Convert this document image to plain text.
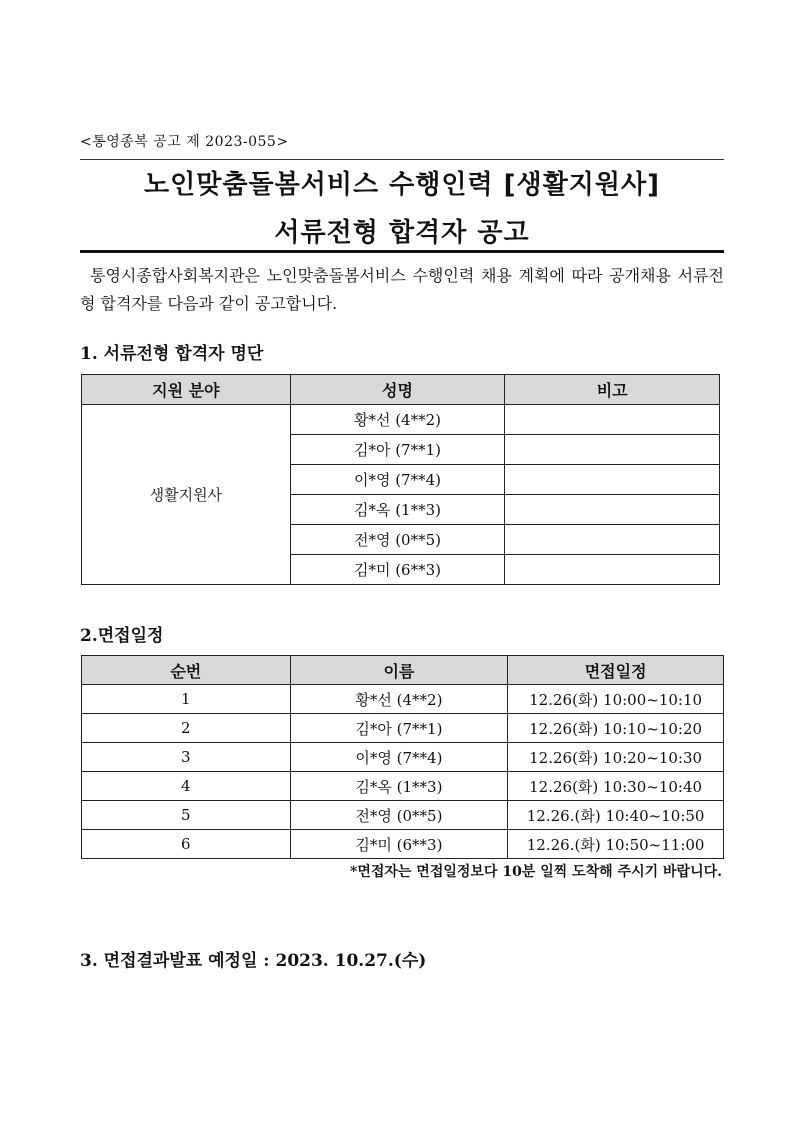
<통영종복 공고 제 2023-055>
노인맞춤돌봄서비스 수행인력 [생활지원사]
서류전형 합격자 공고
통영시종합사회복지관은 노인맞춤돌봄서비스 수행인력 채용 계획에 따라 공개채용 서류전형 합격자를 다음과 같이 공고합니다.
1. 서류전형 합격자 명단
지원 분야	성명	비고
생활지원사	황*선 (4**2)	
	김*아 (7**1)	
	이*영 (7**4)	
	김*옥 (1**3)	
	전*영 (0**5)	
	김*미 (6**3)	
2.면접일정
순번	이름	면접일정
1	황*선 (4**2)	12.26(화) 10:00~10:10
2	김*아 (7**1)	12.26(화) 10:10~10:20
3	이*영 (7**4)	12.26(화) 10:20~10:30
4	김*옥 (1**3)	12.26(화) 10:30~10:40
5	전*영 (0**5)	12.26.(화) 10:40~10:50
6	김*미 (6**3)	12.26.(화) 10:50~11:00
*면접자는 면접일정보다 10분 일찍 도착해 주시기 바랍니다.
3. 면접결과발표 예정일 : 2023. 10.27.(수)
